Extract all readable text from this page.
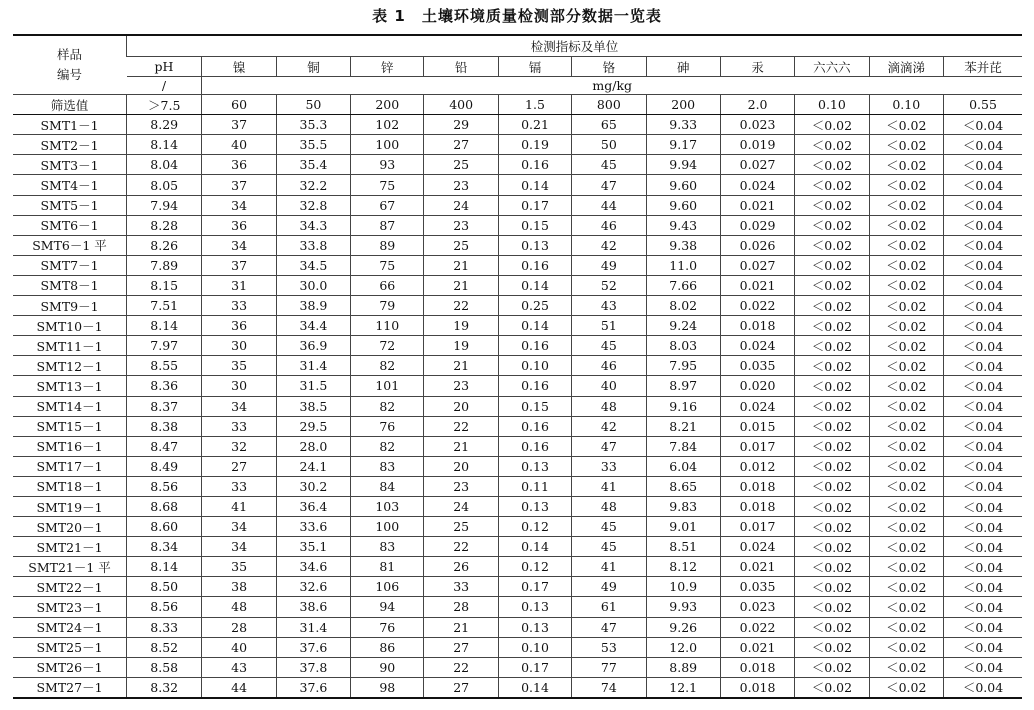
表 1　土壤环境质量检测部分数据一览表
样品
编号	检测指标及单位											
	pH	镍	铜	锌	铅	镉	铬	砷	汞	六六六	滴滴涕	苯并芘
	/	mg/kg										
筛选值	＞7.5	60	50	200	400	1.5	800	200	2.0	0.10	0.10	0.55
SMT1－1	8.29	37	35.3	102	29	0.21	65	9.33	0.023	＜0.02	＜0.02	＜0.04
SMT2－1	8.14	40	35.5	100	27	0.19	50	9.17	0.019	＜0.02	＜0.02	＜0.04
SMT3－1	8.04	36	35.4	93	25	0.16	45	9.94	0.027	＜0.02	＜0.02	＜0.04
SMT4－1	8.05	37	32.2	75	23	0.14	47	9.60	0.024	＜0.02	＜0.02	＜0.04
SMT5－1	7.94	34	32.8	67	24	0.17	44	9.60	0.021	＜0.02	＜0.02	＜0.04
SMT6－1	8.28	36	34.3	87	23	0.15	46	9.43	0.029	＜0.02	＜0.02	＜0.04
SMT6－1 平	8.26	34	33.8	89	25	0.13	42	9.38	0.026	＜0.02	＜0.02	＜0.04
SMT7－1	7.89	37	34.5	75	21	0.16	49	11.0	0.027	＜0.02	＜0.02	＜0.04
SMT8－1	8.15	31	30.0	66	21	0.14	52	7.66	0.021	＜0.02	＜0.02	＜0.04
SMT9－1	7.51	33	38.9	79	22	0.25	43	8.02	0.022	＜0.02	＜0.02	＜0.04
SMT10－1	8.14	36	34.4	110	19	0.14	51	9.24	0.018	＜0.02	＜0.02	＜0.04
SMT11－1	7.97	30	36.9	72	19	0.16	45	8.03	0.024	＜0.02	＜0.02	＜0.04
SMT12－1	8.55	35	31.4	82	21	0.10	46	7.95	0.035	＜0.02	＜0.02	＜0.04
SMT13－1	8.36	30	31.5	101	23	0.16	40	8.97	0.020	＜0.02	＜0.02	＜0.04
SMT14－1	8.37	34	38.5	82	20	0.15	48	9.16	0.024	＜0.02	＜0.02	＜0.04
SMT15－1	8.38	33	29.5	76	22	0.16	42	8.21	0.015	＜0.02	＜0.02	＜0.04
SMT16－1	8.47	32	28.0	82	21	0.16	47	7.84	0.017	＜0.02	＜0.02	＜0.04
SMT17－1	8.49	27	24.1	83	20	0.13	33	6.04	0.012	＜0.02	＜0.02	＜0.04
SMT18－1	8.56	33	30.2	84	23	0.11	41	8.65	0.018	＜0.02	＜0.02	＜0.04
SMT19－1	8.68	41	36.4	103	24	0.13	48	9.83	0.018	＜0.02	＜0.02	＜0.04
SMT20－1	8.60	34	33.6	100	25	0.12	45	9.01	0.017	＜0.02	＜0.02	＜0.04
SMT21－1	8.34	34	35.1	83	22	0.14	45	8.51	0.024	＜0.02	＜0.02	＜0.04
SMT21－1 平	8.14	35	34.6	81	26	0.12	41	8.12	0.021	＜0.02	＜0.02	＜0.04
SMT22－1	8.50	38	32.6	106	33	0.17	49	10.9	0.035	＜0.02	＜0.02	＜0.04
SMT23－1	8.56	48	38.6	94	28	0.13	61	9.93	0.023	＜0.02	＜0.02	＜0.04
SMT24－1	8.33	28	31.4	76	21	0.13	47	9.26	0.022	＜0.02	＜0.02	＜0.04
SMT25－1	8.52	40	37.6	86	27	0.10	53	12.0	0.021	＜0.02	＜0.02	＜0.04
SMT26－1	8.58	43	37.8	90	22	0.17	77	8.89	0.018	＜0.02	＜0.02	＜0.04
SMT27－1	8.32	44	37.6	98	27	0.14	74	12.1	0.018	＜0.02	＜0.02	＜0.04
